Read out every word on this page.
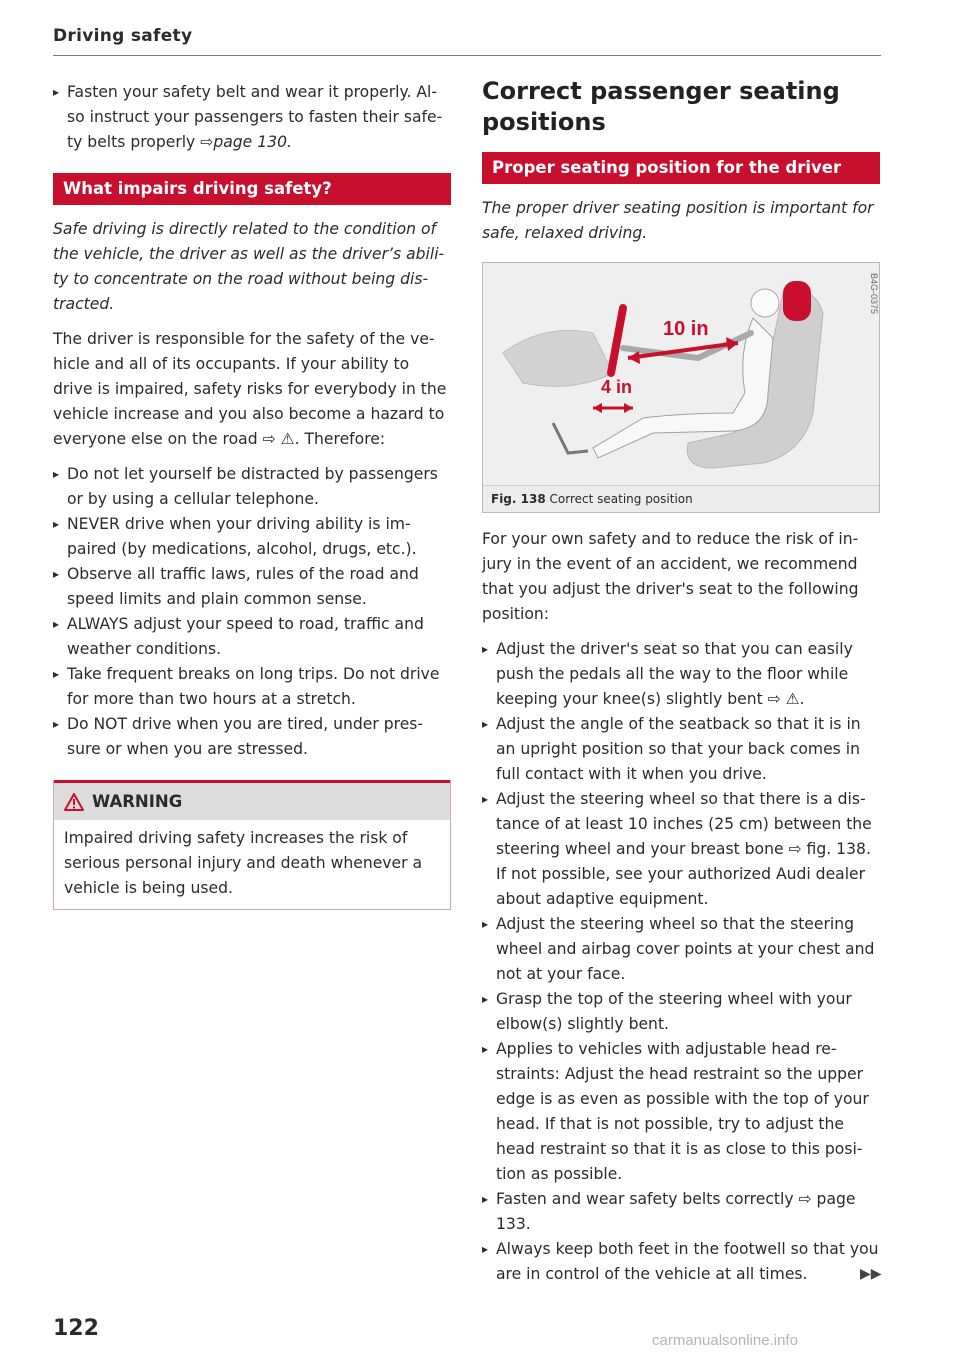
Driving safety

▸ Fasten your safety belt and wear it properly. Al- so instruct your passengers to fasten their safe- ty belts properly ⇨page 130.

What impairs driving safety?

Safe driving is directly related to the condition of the vehicle, the driver as well as the driver’s abili- ty to concentrate on the road without being dis- tracted.

The driver is responsible for the safety of the ve- hicle and all of its occupants. If your ability to drive is impaired, safety risks for everybody in the vehicle increase and you also become a hazard to everyone else on the road ⇨ ⚠. Therefore:

▸ Do not let yourself be distracted by passengers or by using a cellular telephone.

▸ NEVER drive when your driving ability is im- paired (by medications, alcohol, drugs, etc.).

▸ Observe all traffic laws, rules of the road and speed limits and plain common sense.

▸ ALWAYS adjust your speed to road, traffic and weather conditions.

▸ Take frequent breaks on long trips. Do not drive for more than two hours at a stretch.

▸ Do NOT drive when you are tired, under pres- sure or when you are stressed.

WARNING
Impaired driving safety increases the risk of serious personal injury and death whenever a vehicle is being used.
Correct passenger seating positions
Proper seating position for the driver

The proper driver seating position is important for safe, relaxed driving.

10 in
4 in
B4G-0375
Fig. 138 Correct seating position

For your own safety and to reduce the risk of in- jury in the event of an accident, we recommend that you adjust the driver's seat to the following position:

▸ Adjust the driver's seat so that you can easily push the pedals all the way to the floor while keeping your knee(s) slightly bent ⇨ ⚠.

▸ Adjust the angle of the seatback so that it is in an upright position so that your back comes in full contact with it when you drive.

▸ Adjust the steering wheel so that there is a dis- tance of at least 10 inches (25 cm) between the steering wheel and your breast bone ⇨ fig. 138. If not possible, see your authorized Audi dealer about adaptive equipment.

▸ Adjust the steering wheel so that the steering wheel and airbag cover points at your chest and not at your face.

▸ Grasp the top of the steering wheel with your elbow(s) slightly bent.

▸ Applies to vehicles with adjustable head re- straints: Adjust the head restraint so the upper edge is as even as possible with the top of your head. If that is not possible, try to adjust the head restraint so that it is as close to this posi- tion as possible.

▸ Fasten and wear safety belts correctly ⇨ page 133.

▸ Always keep both feet in the footwell so that you are in control of the vehicle at all times.	▶▶
122	carmanualsonline.info
